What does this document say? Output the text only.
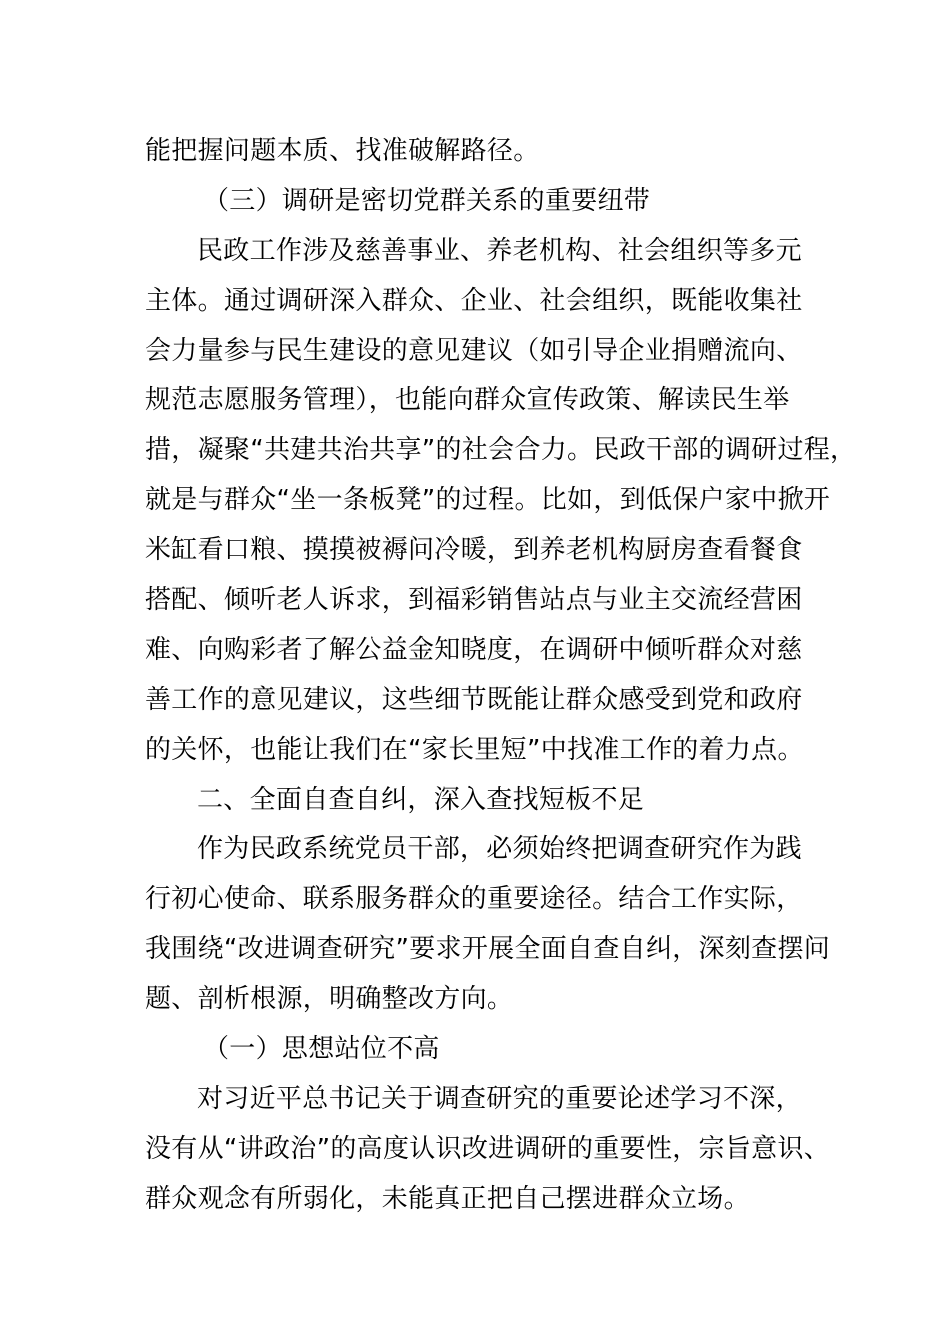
能把握问题本质、找准破解路径。
（三）调研是密切党群关系的重要纽带
民政工作涉及慈善事业、养老机构、社会组织等多元
主体。通过调研深入群众、企业、社会组织，既能收集社
会力量参与民生建设的意见建议（如引导企业捐赠流向、
规范志愿服务管理），也能向群众宣传政策、解读民生举
措，凝聚“共建共治共享”的社会合力。民政干部的调研过程，
就是与群众“坐一条板凳”的过程。比如，到低保户家中掀开
米缸看口粮、摸摸被褥问冷暖，到养老机构厨房查看餐食
搭配、倾听老人诉求，到福彩销售站点与业主交流经营困
难、向购彩者了解公益金知晓度，在调研中倾听群众对慈
善工作的意见建议，这些细节既能让群众感受到党和政府
的关怀，也能让我们在“家长里短”中找准工作的着力点。
二、全面自查自纠，深入查找短板不足
作为民政系统党员干部，必须始终把调查研究作为践
行初心使命、联系服务群众的重要途径。结合工作实际，
我围绕“改进调查研究”要求开展全面自查自纠，深刻查摆问
题、剖析根源，明确整改方向。
（一）思想站位不高
对习近平总书记关于调查研究的重要论述学习不深，
没有从“讲政治”的高度认识改进调研的重要性，宗旨意识、
群众观念有所弱化，未能真正把自己摆进群众立场。
